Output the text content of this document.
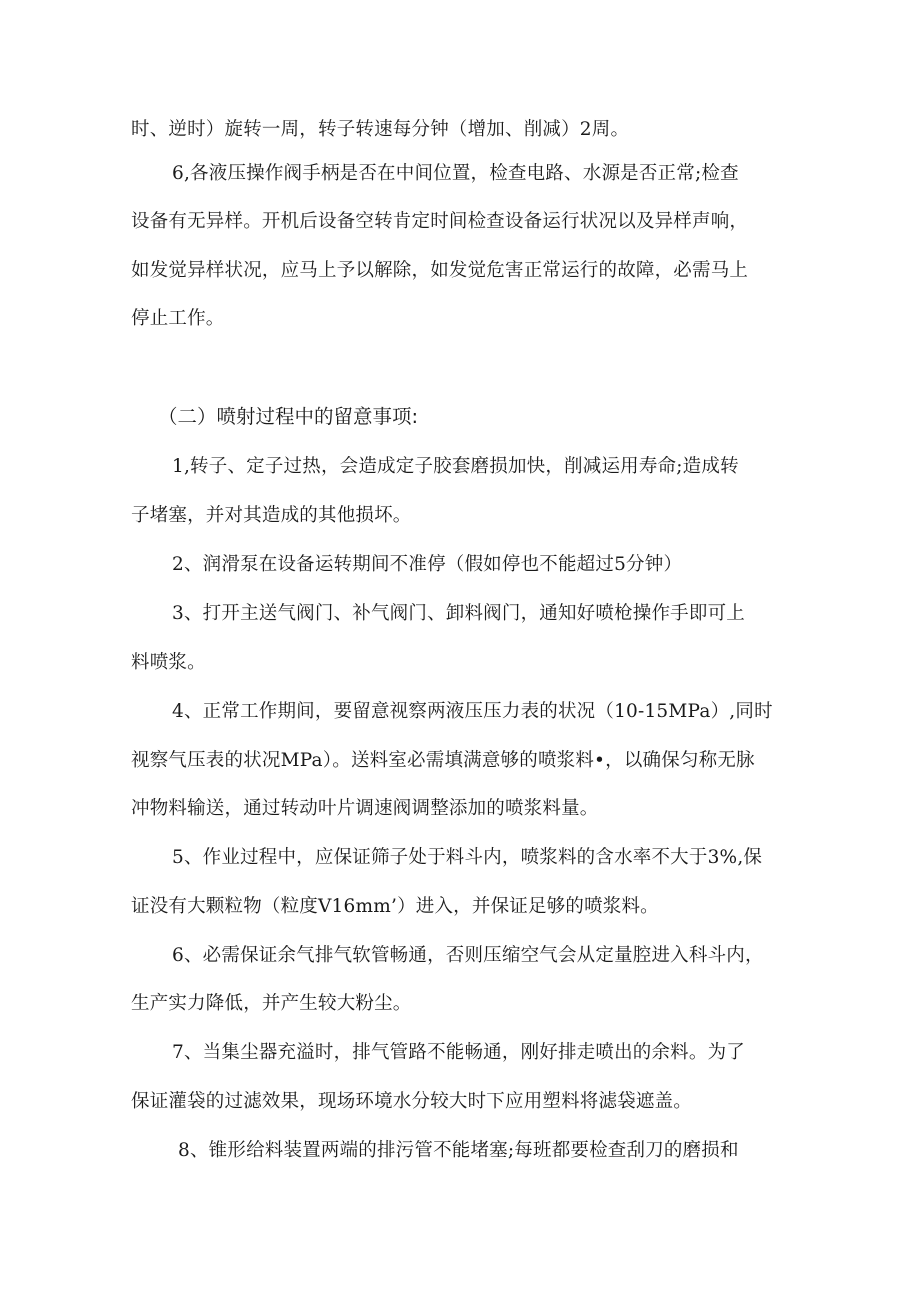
时、逆时）旋转一周，转子转速每分钟（增加、削减）2周。
6,各液压操作阀手柄是否在中间位置，检查电路、水源是否正常;检查
设备有无异样。开机后设备空转肯定时间检查设备运行状况以及异样声响，
如发觉异样状况，应马上予以解除，如发觉危害正常运行的故障，必需马上
停止工作。
（二）喷射过程中的留意事项:
1,转子、定子过热，会造成定子胶套磨损加快，削减运用寿命;造成转
子堵塞，并对其造成的其他损坏。
2、润滑泵在设备运转期间不准停（假如停也不能超过5分钟）
3、打开主送气阀门、补气阀门、卸料阀门，通知好喷枪操作手即可上
料喷浆。
4、正常工作期间，要留意视察两液压压力表的状况（10-15MPa）,同时
视察气压表的状况MPa）。送料室必需填满意够的喷浆料•，以确保匀称无脉
冲物料输送，通过转动叶片调速阀调整添加的喷浆料量。
5、作业过程中，应保证筛子处于料斗内，喷浆料的含水率不大于3%,保
证没有大颗粒物（粒度V16mm’）进入，并保证足够的喷浆料。
6、必需保证余气排气软管畅通，否则压缩空气会从定量腔进入科斗内，
生产实力降低，并产生较大粉尘。
7、当集尘器充溢时，排气管路不能畅通，刚好排走喷出的余料。为了
保证灌袋的过滤效果，现场环境水分较大时下应用塑料将滤袋遮盖。
8、锥形给料装置两端的排污管不能堵塞;每班都要检查刮刀的磨损和
